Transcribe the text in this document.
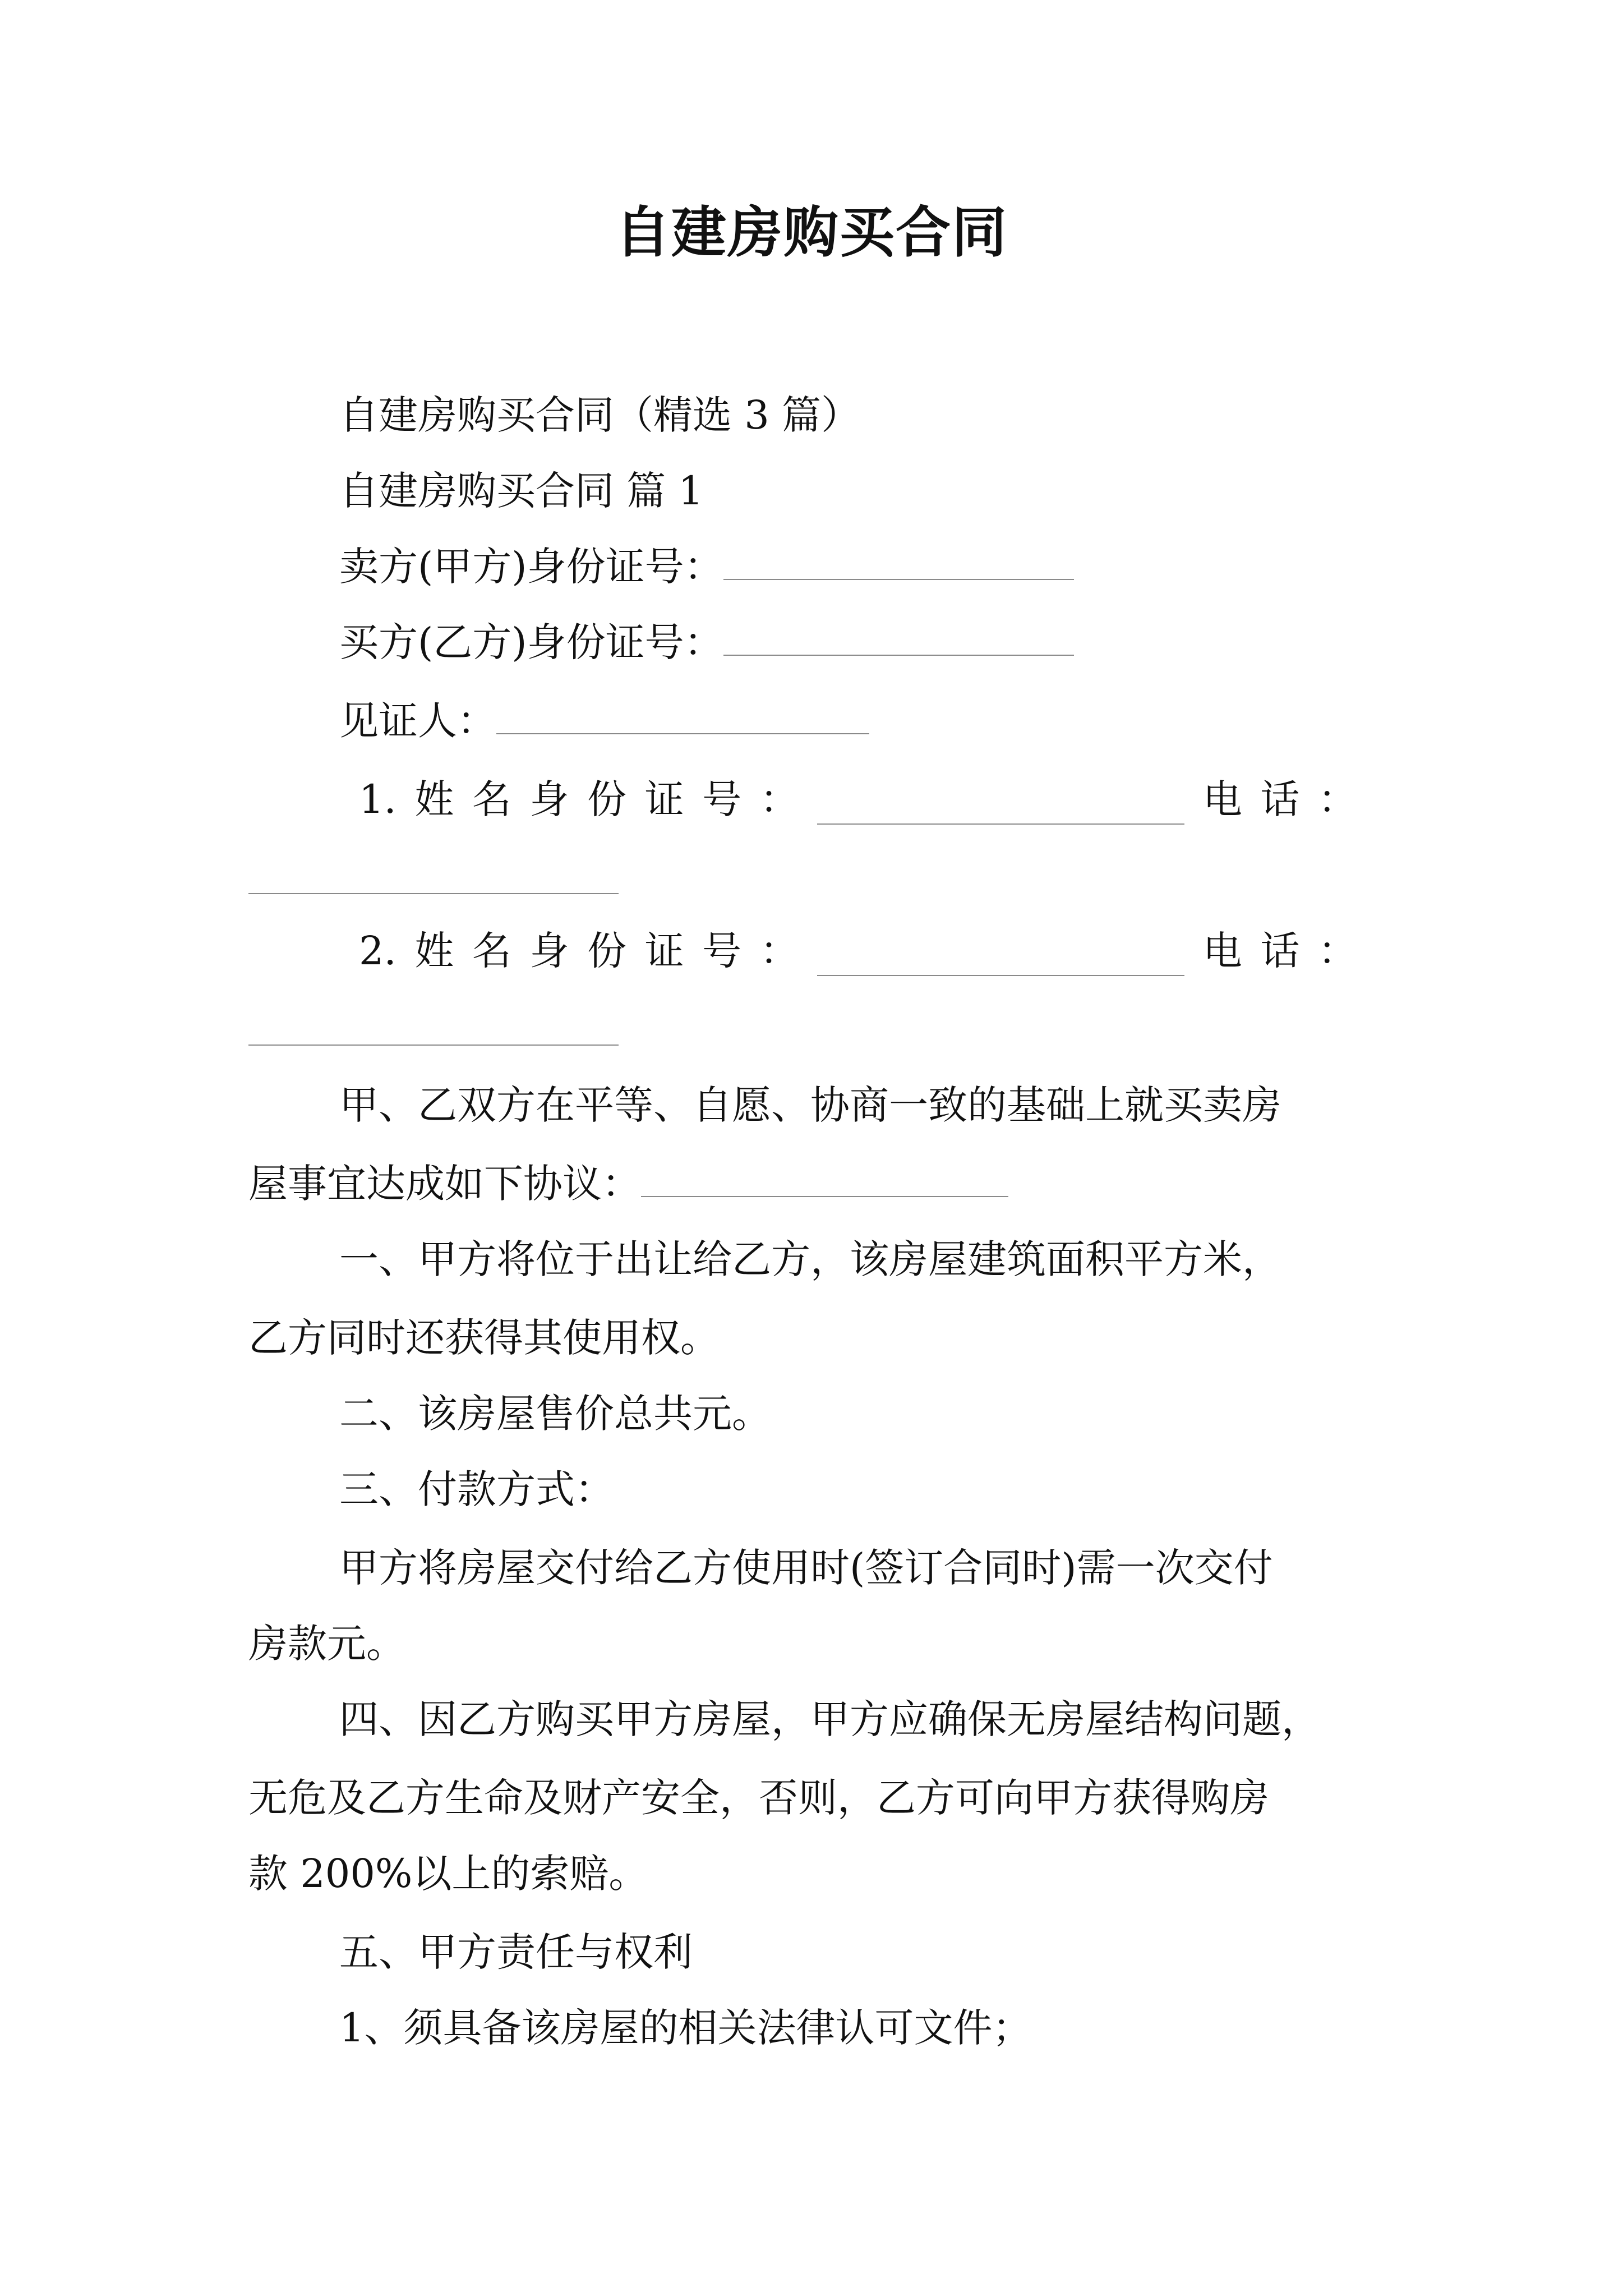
自建房购买合同
自建房购买合同（精选 3 篇）
自建房购买合同 篇 1
卖方(甲方)身份证号：
买方(乙方)身份证号：
见证人：
1. 姓 名 身 份 证 号 ：	电 话 ：
2. 姓 名 身 份 证 号 ：	电 话 ：
甲、乙双方在平等、自愿、协商一致的基础上就买卖房
屋事宜达成如下协议：
一、甲方将位于出让给乙方，该房屋建筑面积平方米，
乙方同时还获得其使用权。
二、该房屋售价总共元。
三、付款方式：
甲方将房屋交付给乙方使用时(签订合同时)需一次交付
房款元。
四、因乙方购买甲方房屋，甲方应确保无房屋结构问题，
无危及乙方生命及财产安全，否则，乙方可向甲方获得购房
款 200%以上的索赔。
五、甲方责任与权利
1、须具备该房屋的相关法律认可文件；
